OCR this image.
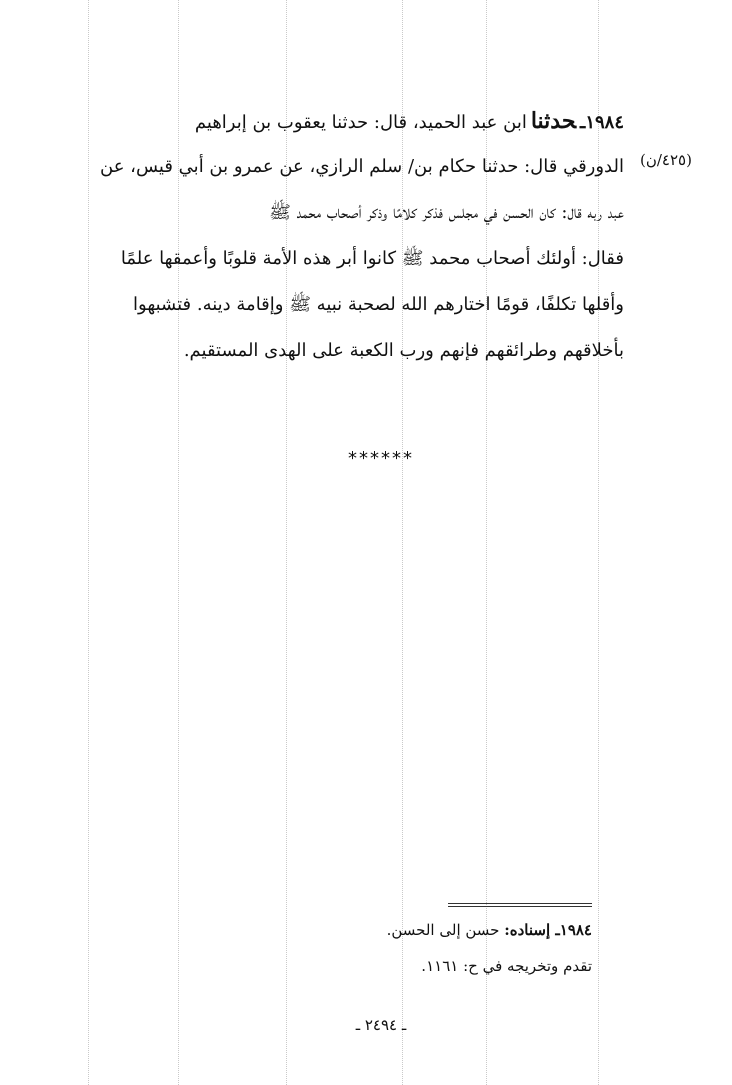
١٩٨٤ـحدثناابن عبد الحميد، قال: حدثنا يعقوب بن إبراهيم
الدورقي قال: حدثنا حكام بن/ سلم الرازي، عن عمرو بن أبي قيس، عن
عبد ربه قال: كان الحسن في مجلس فذكر كلامًا وذكر أصحاب محمد ﷺ
فقال: أولئك أصحاب محمد ﷺ كانوا أبر هذه الأمة قلوبًا وأعمقها علمًا
وأقلها تكلفًا، قومًا اختارهم الله لصحبة نبيه ﷺ وإقامة دينه. فتشبهوا
بأخلاقهم وطرائقهم فإنهم ورب الكعبة على الهدى المستقيم.
(٤٢٥/ن)
******
١٩٨٤ـ إسناده: حسن إلى الحسن.
تقدم وتخريجه في ح: ١١٦١.
ـ ٢٤٩٤ ـ
